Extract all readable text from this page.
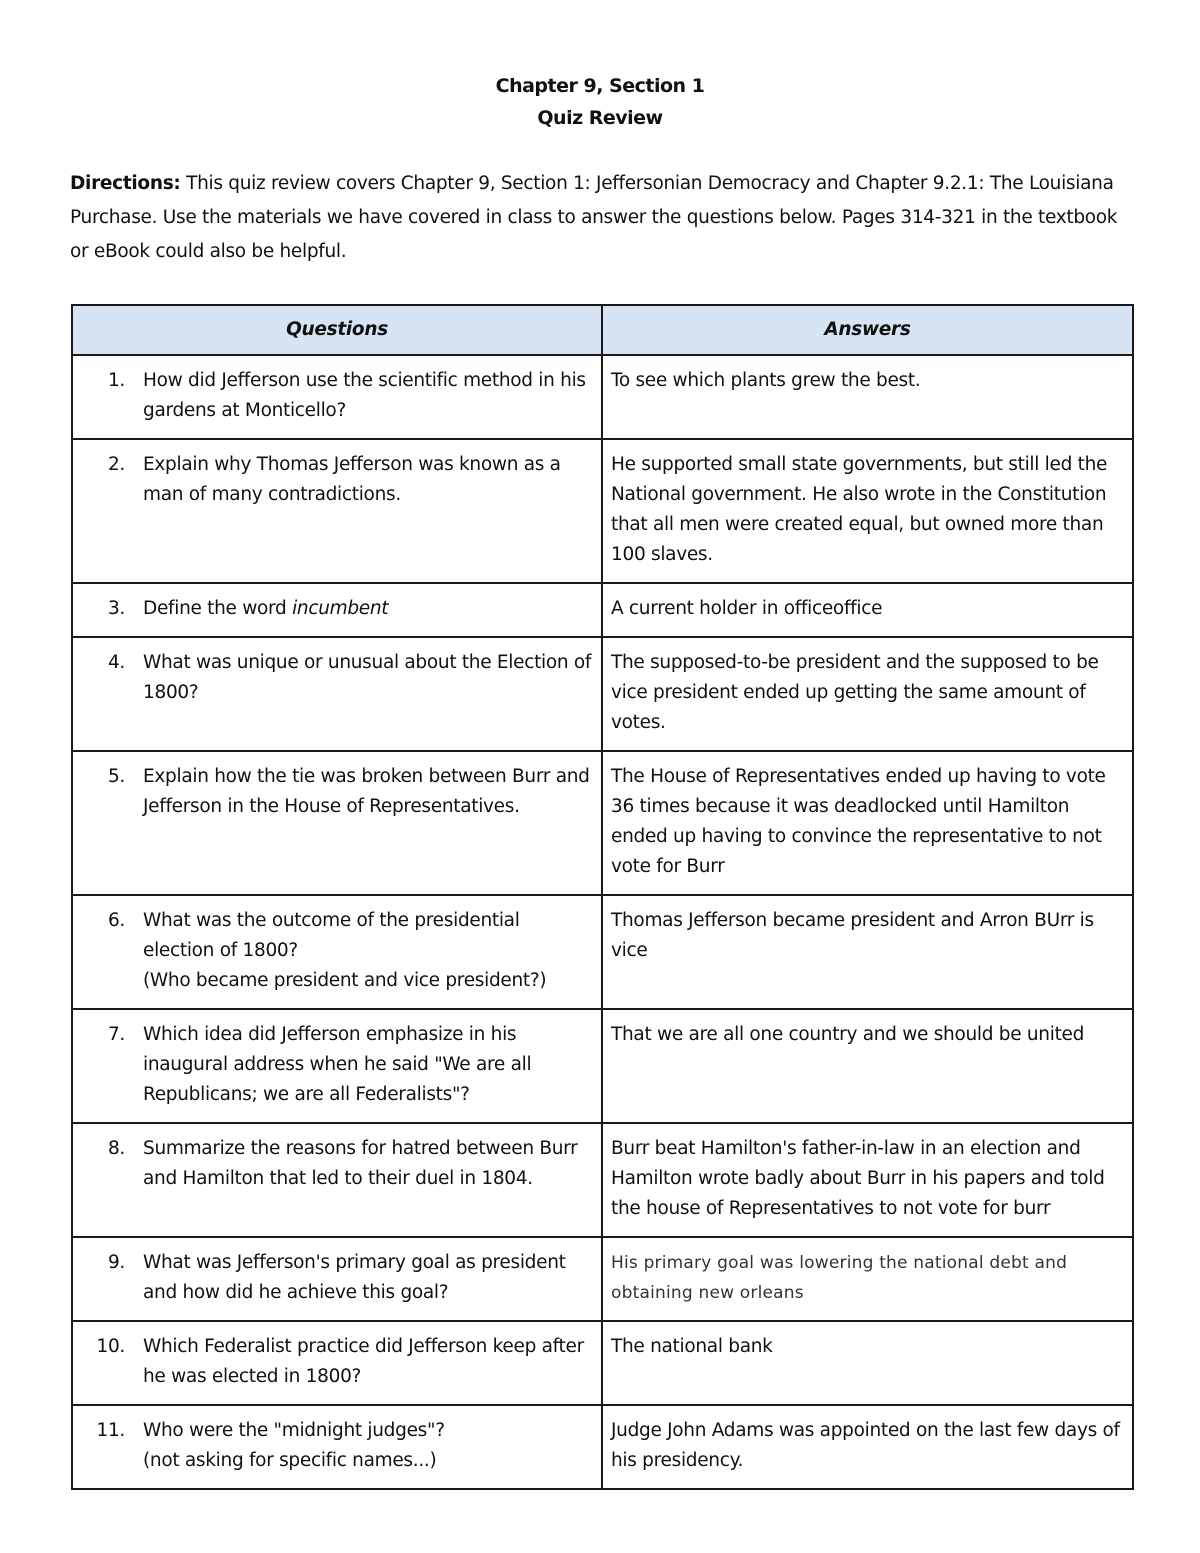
Chapter 9, Section 1
Quiz Review
Directions: This quiz review covers Chapter 9, Section 1: Jeffersonian Democracy and Chapter 9.2.1: The Louisiana Purchase. Use the materials we have covered in class to answer the questions below. Pages 314-321 in the textbook or eBook could also be helpful.
Questions	Answers

1. How did Jefferson use the scientific method in his gardens at Monticello?	To see which plants grew the best.

2. Explain why Thomas Jefferson was known as a man of many contradictions.	He supported small state governments, but still led the National government. He also wrote in the Constitution that all men were created equal, but owned more than 100 slaves.

3. Define the word incumbent	A current holder in officeoffice

4. What was unique or unusual about the Election of 1800?	The supposed-to-be president and the supposed to be vice president ended up getting the same amount of votes.

5. Explain how the tie was broken between Burr and Jefferson in the House of Representatives.	The House of Representatives ended up having to vote 36 times because it was deadlocked until Hamilton ended up having to convince the representative to not vote for Burr

6. What was the outcome of the presidential election of 1800?
(Who became president and vice president?)	Thomas Jefferson became president and Arron BUrr is vice

7. Which idea did Jefferson emphasize in his inaugural address when he said "We are all Republicans; we are all Federalists"?	That we are all one country and we should be united

8. Summarize the reasons for hatred between Burr and Hamilton that led to their duel in 1804.	Burr beat Hamilton's father-in-law in an election and Hamilton wrote badly about Burr in his papers and told the house of Representatives to not vote for burr

9. What was Jefferson's primary goal as president and how did he achieve this goal?	His primary goal was lowering the national debt and obtaining new orleans

10. Which Federalist practice did Jefferson keep after he was elected in 1800?	The national bank

11. Who were the "midnight judges"?
(not asking for specific names...)	Judge John Adams was appointed on the last few days of his presidency.
